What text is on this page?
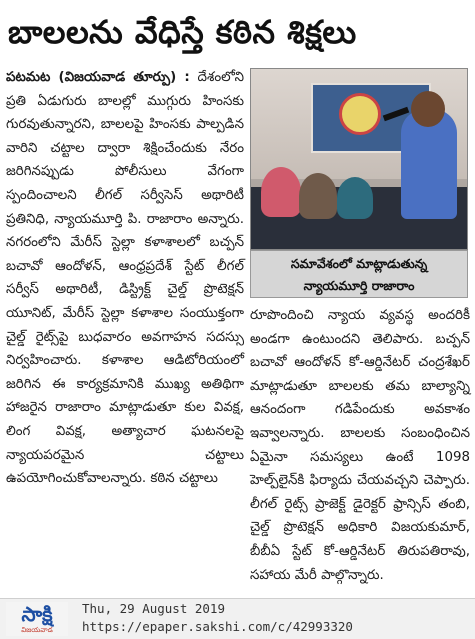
బాలలను వేధిస్తే కఠిన శిక్షలు

పటమట (విజయవాడ తూర్పు) : దేశంలోని ప్రతి ఏడుగురు బాలల్లో ముగ్గురు హింసకు గురవుతున్నారని, బాలలపై హింసకు పాల్పడిన వారిని చట్టాల ద్వారా శిక్షించేందుకు నేరం జరిగినప్పుడు పోలీసులు వేగంగా స్పందించాలని లీగల్ సర్వీసెస్ అథారిటీ ప్రతినిధి, న్యాయమూర్తి పి. రాజారాం అన్నారు. నగరంలోని మేరీస్ స్టెల్లా కళాశాలలో బచ్పన్ బచావో ఆందోళన్, ఆంధ్రప్రదేశ్ స్టేట్ లీగల్ సర్వీస్ అథారిటీ, డిస్ట్రిక్ట్ చైల్డ్ ప్రొటెక్షన్ యూనిట్, మేరీస్ స్టెల్లా కళాశాల సంయుక్తంగా చైల్డ్ రైట్స్‌పై బుధవారం అవగాహన సదస్సు నిర్వహించారు. కళాశాల ఆడిటోరియంలో జరిగిన ఈ కార్యక్రమానికి ముఖ్య అతిథిగా హాజరైన రాజారాం మాట్లాడుతూ కుల వివక్ష, లింగ వివక్ష, అత్యాచార ఘటనలపై న్యాయపరమైన చట్టాలు ఉపయోగించుకోవాలన్నారు. కఠిన చట్టాలు

సమావేశంలో మాట్లాడుతున్న
న్యాయమూర్తి రాజారాం

రూపొందించి న్యాయ వ్యవస్థ అందరికీ అండగా ఉంటుందని తెలిపారు. బచ్పన్ బచావో ఆందోళన్ కో-ఆర్డినేటర్ చంద్రశేఖర్ మాట్లాడుతూ బాలలకు తమ బాల్యాన్ని ఆనందంగా గడిపేందుకు అవకాశం ఇవ్వాలన్నారు. బాలలకు సంబంధించిన ఏమైనా సమస్యలు ఉంటే 1098 హెల్ప్‌లైన్‌కి ఫిర్యాదు చేయవచ్చని చెప్పారు. లీగల్ రైట్స్ ప్రాజెక్ట్ డైరెక్టర్ ఫ్రాన్సిస్ తంబి, చైల్డ్ ప్రొటెక్షన్ అధికారి విజయకుమార్, బీబీఏ స్టేట్ కో-ఆర్డినేటర్ తిరుపతిరావు, సహాయ మేరీ పాల్గొన్నారు.

సాక్షి
విజయవాడ
Thu, 29 August 2019
https://epaper.sakshi.com/c/42993320
